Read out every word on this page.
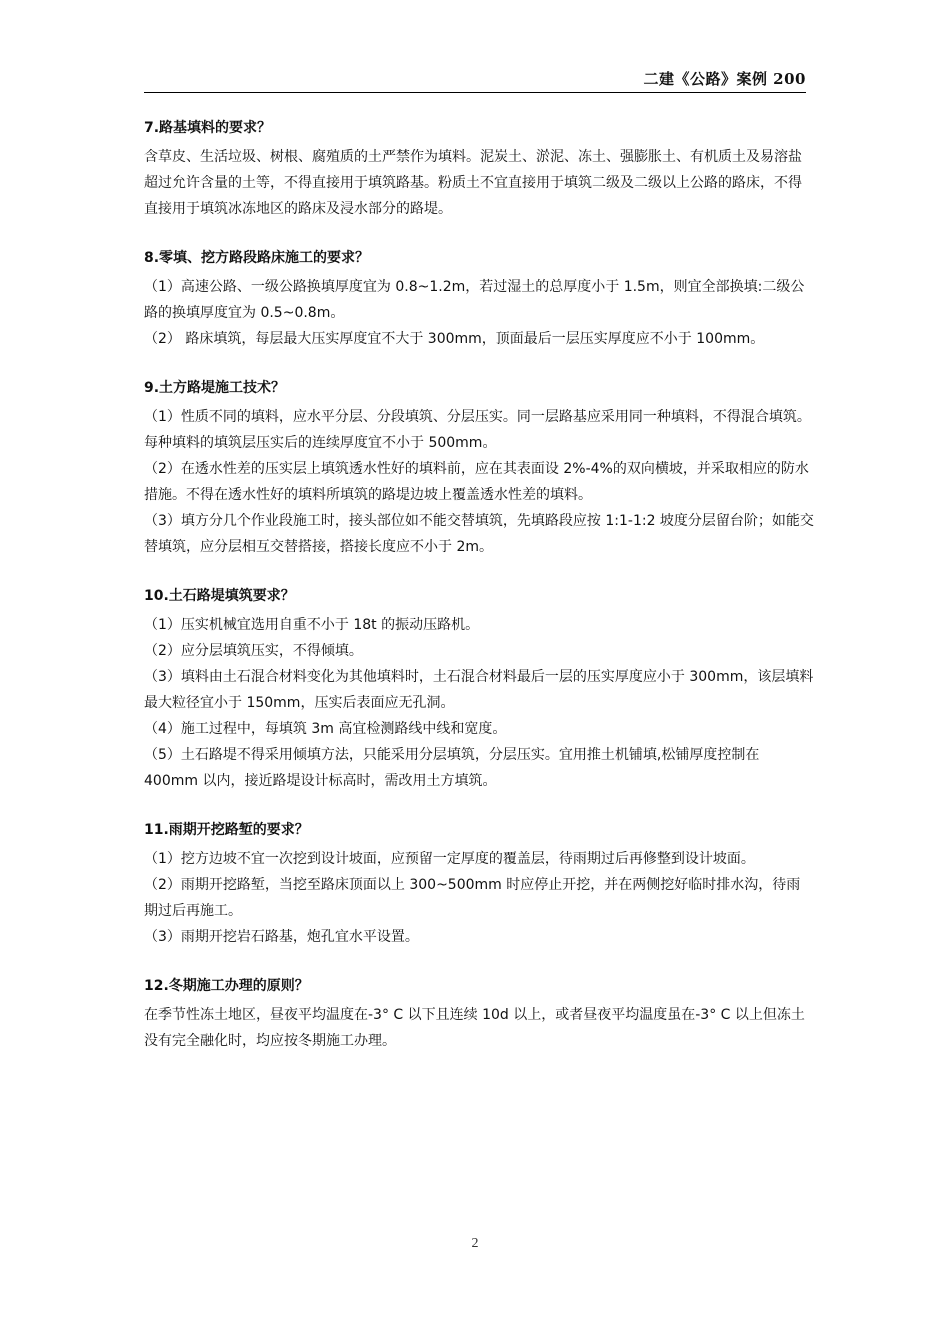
二建《公路》案例 200
7.路基填料的要求？

含草皮、生活垃圾、树根、腐殖质的土严禁作为填料。泥炭土、淤泥、冻土、强膨胀土、有机质土及易溶盐超过允许含量的土等，不得直接用于填筑路基。粉质土不宜直接用于填筑二级及二级以上公路的路床，不得直接用于填筑冰冻地区的路床及浸水部分的路堤。

8.零填、挖方路段路床施工的要求？

（1）高速公路、一级公路换填厚度宜为 0.8~1.2m，若过湿土的总厚度小于 1.5m，则宜全部换填:二级公路的换填厚度宜为 0.5~0.8m。

（2） 路床填筑，每层最大压实厚度宜不大于 300mm，顶面最后一层压实厚度应不小于 100mm。

9.土方路堤施工技术？

（1）性质不同的填料，应水平分层、分段填筑、分层压实。同一层路基应采用同一种填料，不得混合填筑。每种填料的填筑层压实后的连续厚度宜不小于 500mm。

（2）在透水性差的压实层上填筑透水性好的填料前，应在其表面设 2%-4%的双向横坡，并采取相应的防水措施。不得在透水性好的填料所填筑的路堤边坡上覆盖透水性差的填料。

（3）填方分几个作业段施工时，接头部位如不能交替填筑，先填路段应按 1:1-1:2 坡度分层留台阶；如能交替填筑，应分层相互交替搭接，搭接长度应不小于 2m。

10.土石路堤填筑要求？

（1）压实机械宜选用自重不小于 18t 的振动压路机。

（2）应分层填筑压实，不得倾填。

（3）填料由土石混合材料变化为其他填料时，土石混合材料最后一层的压实厚度应小于 300mm，该层填料最大粒径宜小于 150mm，压实后表面应无孔洞。

（4）施工过程中，每填筑 3m 高宜检测路线中线和宽度。

（5）土石路堤不得采用倾填方法，只能采用分层填筑，分层压实。宜用推土机铺填,松铺厚度控制在 400mm 以内，接近路堤设计标高时，需改用土方填筑。

11.雨期开挖路堑的要求？

（1）挖方边坡不宜一次挖到设计坡面，应预留一定厚度的覆盖层，待雨期过后再修整到设计坡面。

（2）雨期开挖路堑，当挖至路床顶面以上 300~500mm 时应停止开挖，并在两侧挖好临时排水沟，待雨期过后再施工。

（3）雨期开挖岩石路基，炮孔宜水平设置。

12.冬期施工办理的原则？

在季节性冻土地区，昼夜平均温度在-3° C 以下且连续 10d 以上，或者昼夜平均温度虽在-3° C 以上但冻土没有完全融化时，均应按冬期施工办理。

2
